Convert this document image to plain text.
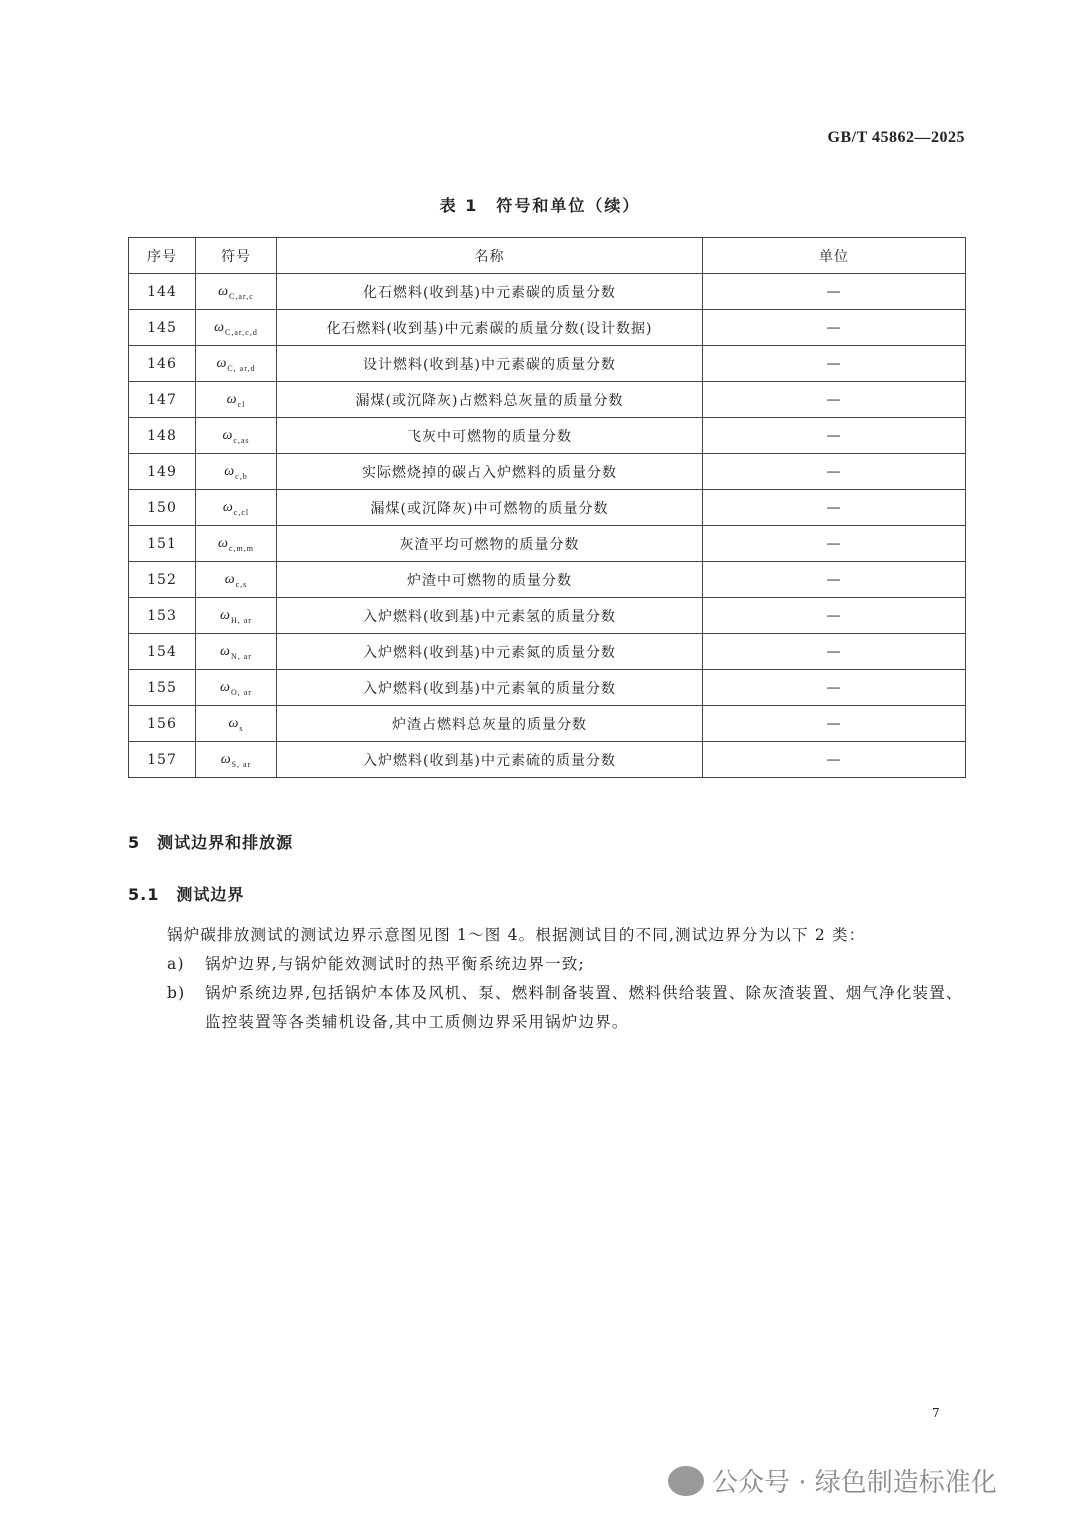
GB/T 45862—2025
表 1　符号和单位（续）
序号	符号	名称	单位
144	$\omega_{C,ar,c}$	化石燃料(收到基)中元素碳的质量分数	—
145	$\omega_{C,ar,c,d}$	化石燃料(收到基)中元素碳的质量分数(设计数据)	—
146	$\omega_{C, ar,d}$	设计燃料(收到基)中元素碳的质量分数	—
147	$\omega_{cl}$	漏煤(或沉降灰)占燃料总灰量的质量分数	—
148	$\omega_{c,as}$	飞灰中可燃物的质量分数	—
149	$\omega_{c,b}$	实际燃烧掉的碳占入炉燃料的质量分数	—
150	$\omega_{c,cl}$	漏煤(或沉降灰)中可燃物的质量分数	—
151	$\omega_{c,m,m}$	灰渣平均可燃物的质量分数	—
152	$\omega_{c,s}$	炉渣中可燃物的质量分数	—
153	$\omega_{H, ar}$	入炉燃料(收到基)中元素氢的质量分数	—
154	$\omega_{N, ar}$	入炉燃料(收到基)中元素氮的质量分数	—
155	$\omega_{O, ar}$	入炉燃料(收到基)中元素氧的质量分数	—
156	$\omega_s$	炉渣占燃料总灰量的质量分数	—
157	$\omega_{S, ar}$	入炉燃料(收到基)中元素硫的质量分数	—
5　测试边界和排放源
5.1　测试边界
锅炉碳排放测试的测试边界示意图见图 1～图 4。根据测试目的不同,测试边界分为以下 2 类：
a) 锅炉边界,与锅炉能效测试时的热平衡系统边界一致;
b) 锅炉系统边界,包括锅炉本体及风机、泵、燃料制备装置、燃料供给装置、除灰渣装置、烟气净化装置、监控装置等各类辅机设备,其中工质侧边界采用锅炉边界。
7
公众号 · 绿色制造标准化
